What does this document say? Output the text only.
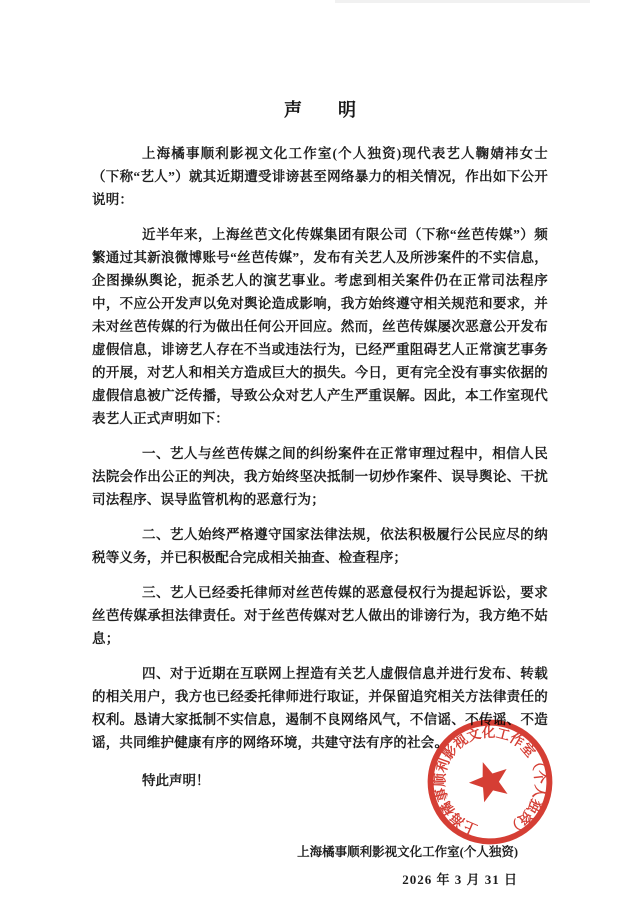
声　　明

上海橘事顺利影视文化工作室(个人独资)现代表艺人鞠婧祎女士（下称“艺人”）就其近期遭受诽谤甚至网络暴力的相关情况，作出如下公开说明：

近半年来，上海丝芭文化传媒集团有限公司（下称“丝芭传媒”）频繁通过其新浪微博账号“丝芭传媒”，发布有关艺人及所涉案件的不实信息，企图操纵舆论，扼杀艺人的演艺事业。考虑到相关案件仍在正常司法程序中，不应公开发声以免对舆论造成影响，我方始终遵守相关规范和要求，并未对丝芭传媒的行为做出任何公开回应。然而，丝芭传媒屡次恶意公开发布虚假信息，诽谤艺人存在不当或违法行为，已经严重阻碍艺人正常演艺事务的开展，对艺人和相关方造成巨大的损失。今日，更有完全没有事实依据的虚假信息被广泛传播，导致公众对艺人产生严重误解。因此，本工作室现代表艺人正式声明如下：

一、艺人与丝芭传媒之间的纠纷案件在正常审理过程中，相信人民法院会作出公正的判决，我方始终坚决抵制一切炒作案件、误导舆论、干扰司法程序、误导监管机构的恶意行为；

二、艺人始终严格遵守国家法律法规，依法积极履行公民应尽的纳税等义务，并已积极配合完成相关抽查、检查程序；

三、艺人已经委托律师对丝芭传媒的恶意侵权行为提起诉讼，要求丝芭传媒承担法律责任。对于丝芭传媒对艺人做出的诽谤行为，我方绝不姑息；

四、对于近期在互联网上捏造有关艺人虚假信息并进行发布、转载的相关用户，我方也已经委托律师进行取证，并保留追究相关方法律责任的权利。恳请大家抵制不实信息，遏制不良网络风气，不信谣、不传谣、不造谣，共同维护健康有序的网络环境，共建守法有序的社会。

特此声明！

上海橘事顺利影视文化工作室(个人独资)
2026 年 3 月 31 日
上海橘事顺利影视文化工作室（个人独资）
